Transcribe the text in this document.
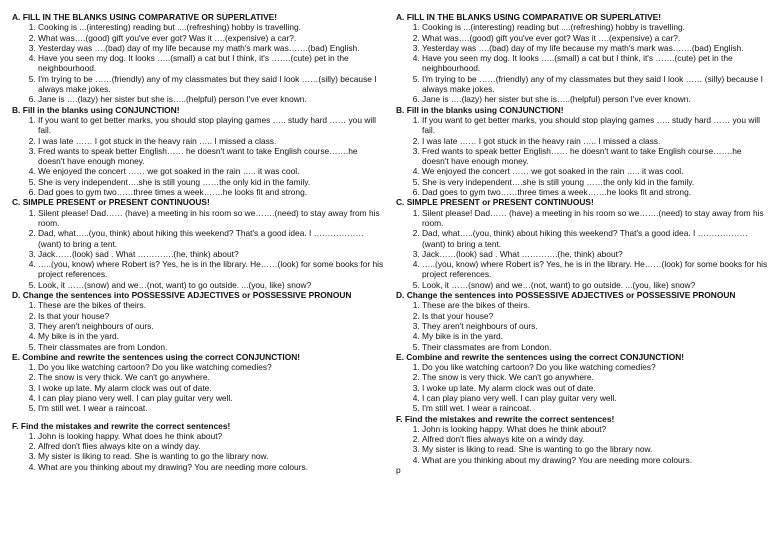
A. FILL IN THE BLANKS USING COMPARATIVE OR SUPERLATIVE!
1. Cooking is ...(interesting) reading but ....(refreshing) hobby is travelling.
2. What was….(good) gift you've ever got? Was it ….(expensive) a car?.
3. Yesterday was ….(bad) day of my life because my math's mark was…….(bad) English.
4. Have you seen my dog. It looks …..(small) a cat but I think, it's …….(cute) pet in the neighbourhood.
5. I'm trying to be ……(friendly) any of my classmates but they said I look ……(silly) because I always make jokes.
6. Jane is ….(lazy) her sister but she is…..(helpful) person I've ever known.
B. Fill in the blanks using CONJUNCTION!
1. If you want to get better marks, you should stop playing games ….. study hard …… you will fail.
2. I was late …… I got stuck in the heavy rain ….. I missed a class.
3. Fred wants to speak better English…… he doesn't want to take English course…….he doesn't have enough money.
4. We enjoyed the concert …… we got soaked in the rain ….. it was cool.
5. She is very independent….she is still young ……the only kid in the family.
6. Dad goes to gym two……three times a week…….he looks fit and strong.
C. SIMPLE PRESENT or PRESENT CONTINUOUS!
1. Silent please! Dad…… (have) a meeting in his room so we…….(need) to stay away from his room.
2. Dad, what…..(you, think) about hiking this weekend? That's a good idea. I ………………(want) to bring a tent.
3. Jack……(look) sad . What ………….(he, think) about?
4. …..(you, know) where Robert is? Yes, he is in the library. He……(look) for some books for his project references.
5. Look, it ……(snow) and we…(not, want) to go outside. ...(you, like) snow?
D. Change the sentences into POSSESSIVE ADJECTIVES or POSSESSIVE PRONOUN
1. These are the bikes of theirs.
2. Is that your house?
3. They aren't neighbours of ours.
4. My bike is in the yard.
5. Their classmates are from London.
E. Combine and rewrite the sentences using the correct CONJUNCTION!
1. Do you like watching cartoon? Do you like watching comedies?
2. The snow is very thick. We can't go anywhere.
3. I woke up late. My alarm clock was out of date.
4. I can play piano very well. I can play guitar very well.
5. I'm still wet. I wear a raincoat.
F. Find the mistakes and rewrite the correct sentences!
1. John is looking happy. What does he think about?
2. Alfred don't flies always kite on a windy day.
3. My sister is liking to read. She is wanting to go the library now.
4. What are you thinking about my drawing? You are needing more colours.
A. FILL IN THE BLANKS USING COMPARATIVE OR SUPERLATIVE!
1. Cooking is ...(interesting) reading but ....(refreshing) hobby is travelling.
2. What was….(good) gift you've ever got? Was it ….(expensive) a car?.
3. Yesterday was ….(bad) day of my life because my math's mark was…….(bad) English.
4. Have you seen my dog. It looks …..(small) a cat but I think, it's …….(cute) pet in the neighbourhood.
5. I'm trying to be ……(friendly) any of my classmates but they said I look …… (silly) because I always make jokes.
6. Jane is ….(lazy) her sister but she is…..(helpful) person I've ever known.
B. Fill in the blanks using CONJUNCTION!
1. If you want to get better marks, you should stop playing games ….. study hard …… you will fail.
2. I was late …… I got stuck in the heavy rain ….. I missed a class.
3. Fred wants to speak better English…… he doesn't want to take English course…….he doesn't have enough money.
4. We enjoyed the concert …… we got soaked in the rain ….. it was cool.
5. She is very independent….she is still young ……the only kid in the family.
6. Dad goes to gym two……three times a week…….he looks fit and strong.
C. SIMPLE PRESENT or PRESENT CONTINUOUS!
1. Silent please! Dad…… (have) a meeting in his room so we…….(need) to stay away from his room.
2. Dad, what…..(you, think) about hiking this weekend? That's a good idea. I ………………(want) to bring a tent.
3. Jack……(look) sad . What ………….(he, think) about?
4. …..(you, know) where Robert is? Yes, he is in the library. He……(look) for some books for his project references.
5. Look, it ……(snow) and we…(not, want) to go outside. ...(you, like) snow?
D. Change the sentences into POSSESSIVE ADJECTIVES or POSSESSIVE PRONOUN
1. These are the bikes of theirs.
2. Is that your house?
3. They aren't neighbours of ours.
4. My bike is in the yard.
5. Their classmates are from London.
E. Combine and rewrite the sentences using the correct CONJUNCTION!
1. Do you like watching cartoon? Do you like watching comedies?
2. The snow is very thick. We can't go anywhere.
3. I woke up late. My alarm clock was out of date.
4. I can play piano very well. I can play guitar very well.
5. I'm still wet. I wear a raincoat.
F. Find the mistakes and rewrite the correct sentences!
1. John is looking happy. What does he think about?
2. Alfred don't flies always kite on a windy day.
3. My sister is liking to read. She is wanting to go the library now.
4. What are you thinking about my drawing? You are needing more colours.
p
